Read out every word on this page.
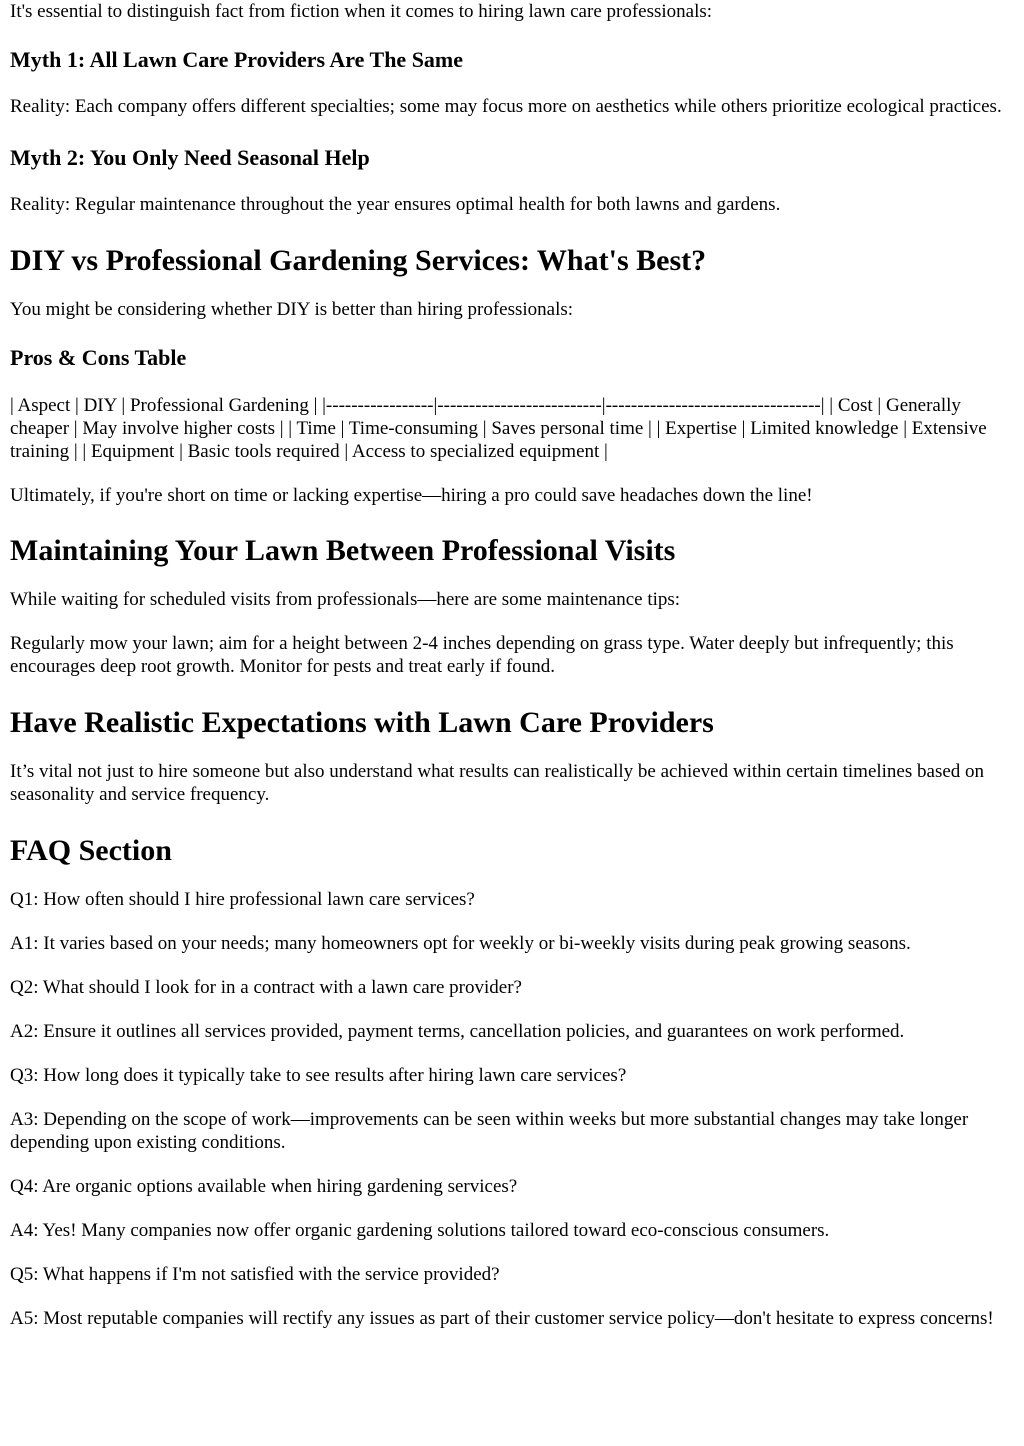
It's essential to distinguish fact from fiction when it comes to hiring lawn care professionals:

Myth 1: All Lawn Care Providers Are The Same

Reality: Each company offers different specialties; some may focus more on aesthetics while others prioritize ecological practices.

Myth 2: You Only Need Seasonal Help

Reality: Regular maintenance throughout the year ensures optimal health for both lawns and gardens.

DIY vs Professional Gardening Services: What's Best?

You might be considering whether DIY is better than hiring professionals:

Pros & Cons Table

| Aspect | DIY | Professional Gardening | |-----------------|--------------------------|----------------------------------| | Cost | Generally cheaper | May involve higher costs | | Time | Time-consuming | Saves personal time | | Expertise | Limited knowledge | Extensive training | | Equipment | Basic tools required | Access to specialized equipment |

Ultimately, if you're short on time or lacking expertise—hiring a pro could save headaches down the line!

Maintaining Your Lawn Between Professional Visits

While waiting for scheduled visits from professionals—here are some maintenance tips:

Regularly mow your lawn; aim for a height between 2-4 inches depending on grass type. Water deeply but infrequently; this encourages deep root growth. Monitor for pests and treat early if found.

Have Realistic Expectations with Lawn Care Providers

It’s vital not just to hire someone but also understand what results can realistically be achieved within certain timelines based on seasonality and service frequency.

FAQ Section

Q1: How often should I hire professional lawn care services?

A1: It varies based on your needs; many homeowners opt for weekly or bi-weekly visits during peak growing seasons.

Q2: What should I look for in a contract with a lawn care provider?

A2: Ensure it outlines all services provided, payment terms, cancellation policies, and guarantees on work performed.

Q3: How long does it typically take to see results after hiring lawn care services?

A3: Depending on the scope of work—improvements can be seen within weeks but more substantial changes may take longer depending upon existing conditions.

Q4: Are organic options available when hiring gardening services?

A4: Yes! Many companies now offer organic gardening solutions tailored toward eco-conscious consumers.

Q5: What happens if I'm not satisfied with the service provided?

A5: Most reputable companies will rectify any issues as part of their customer service policy—don't hesitate to express concerns!
